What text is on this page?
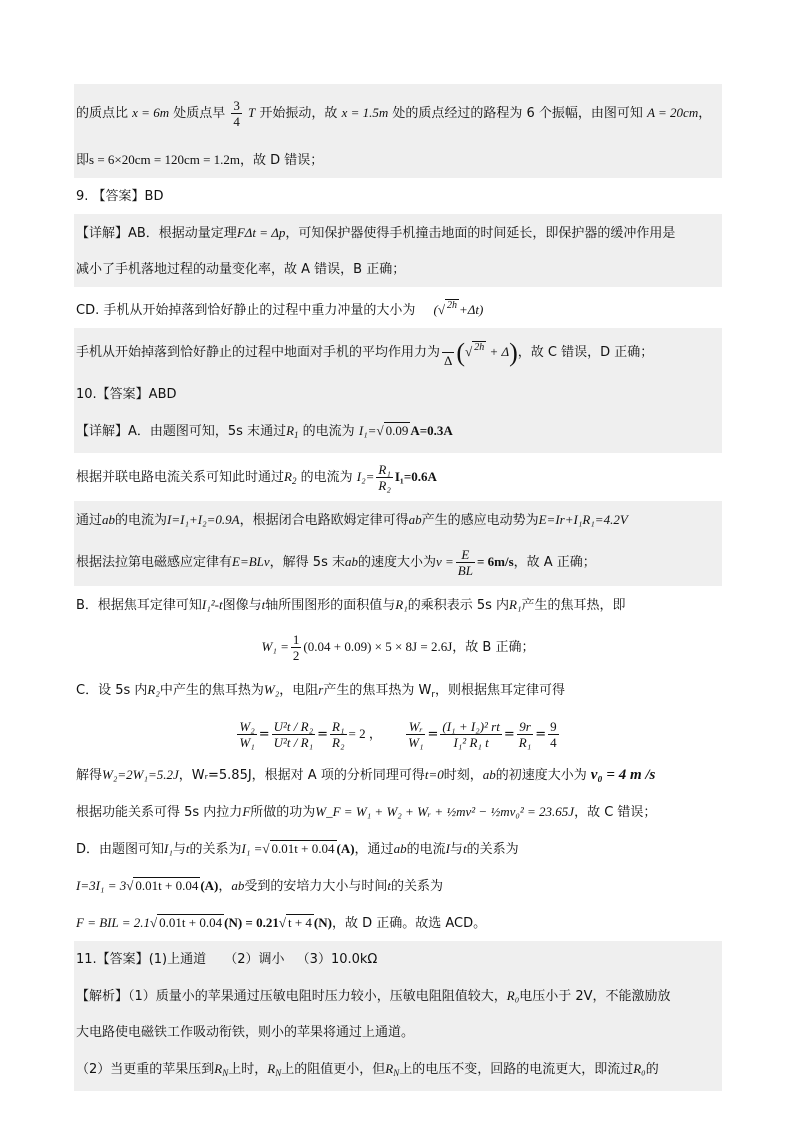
的质点比 x = 6m 处质点早 $\frac{3}{4}$ T 开始振动，故 x = 1.5m 处的质点经过的路程为 6 个振幅，由图可知 A = 20cm，
即s = 6×20cm = 120cm = 1.2m，故 D 错误；
9. 【答案】BD
【详解】AB．根据动量定理FΔt = Δp，可知保护器使得手机撞击地面的时间延长，即保护器的缓冲作用是
减小了手机落地过程的动量变化率，故 A 错误，B 正确；
CD. 手机从开始掉落到恰好静止的过程中重力冲量的大小为 (√ $^{2h}$ +Δt)
手机从开始掉落到恰好静止的过程中地面对手机的平均作用力为

Δ (√ $^{2h}$ + Δ)，故 C 错误，D 正确；
10.【答案】ABD
【详解】A．由题图可知，5s 末通过$R_1$ 的电流为 I₁=√ 0.09 A=0.3A
根据并联电路电流关系可知此时通过$R_2$ 的电流为 $I_2= \frac{\text{R₁}}{\text{R₂}} I_1=0.6A$
通过ab的电流为I=I₁+I₂=0.9A，根据闭合电路欧姆定律可得ab产生的感应电动势为E=Ir+I₁R₁=4.2V
根据法拉第电磁感应定律有E=BLv，解得 5s 末ab的速度大小为$v = \frac{E}{BL} = 6m/s$，故 A 正确；
B．根据焦耳定律可知I₁²-t图像与t轴所围图形的面积值与R₁的乘积表示 5s 内R₁产生的焦耳热，即
$W_1 = \frac{1}{2} (0.04 + 0.09) \times 5 \times 8J = 2.6J$，故 B 正确；
C．设 5s 内R₂中产生的焦耳热为W₂，电阻r产生的焦耳热为 $W_r$，则根据焦耳定律可得
$\frac{\text{W₂}}{\text{W₁}} = \frac{\text{U²t / R₂}}{\text{U²t / R₁}} = \frac{\text{R₁}}{\text{R₂}} = 2$ ， $\frac{\text{Wᵣ}}{\text{W₁}} = \frac{\text{(I₁ + I₂)² rt}}{\text{I₁² R₁ t}} = \frac{9r}{\text{R₁}} = \frac{9}{4}$
解得W₂=2W₁=5.2J，Wᵣ=5.85J，根据对 A 项的分析同理可得t=0时刻，ab的初速度大小为 v₀ = 4 m /s
根据功能关系可得 5s 内拉力F所做的功为W_F = W₁ + W₂ + Wᵣ + ½mv² − ½mv₀² = 23.65J，故 C 错误；
D．由题图可知I₁与t的关系为I₁ =√ 0.01t + 0.04 (A)，通过ab的电流I与t的关系为
I=3I₁ = 3√ 0.01t + 0.04 (A)，ab受到的安培力大小与时间t的关系为
F = BIL = 2.1√ 0.01t + 0.04 (N) = 0.21√ t + 4 (N)，故 D 正确。故选 ACD。
11.【答案】(1)上通道 （2）调小 （3）10.0kΩ
【解析】（1）质量小的苹果通过压敏电阻时压力较小，压敏电阻阻值较大，R₀电压小于 2V，不能激励放
大电路使电磁铁工作吸动衔铁，则小的苹果将通过上通道。
（2）当更重的苹果压到$R_N$上时，$R_N$上的阻值更小，但$R_N$上的电压不变，回路的电流更大，即流过R₀的
